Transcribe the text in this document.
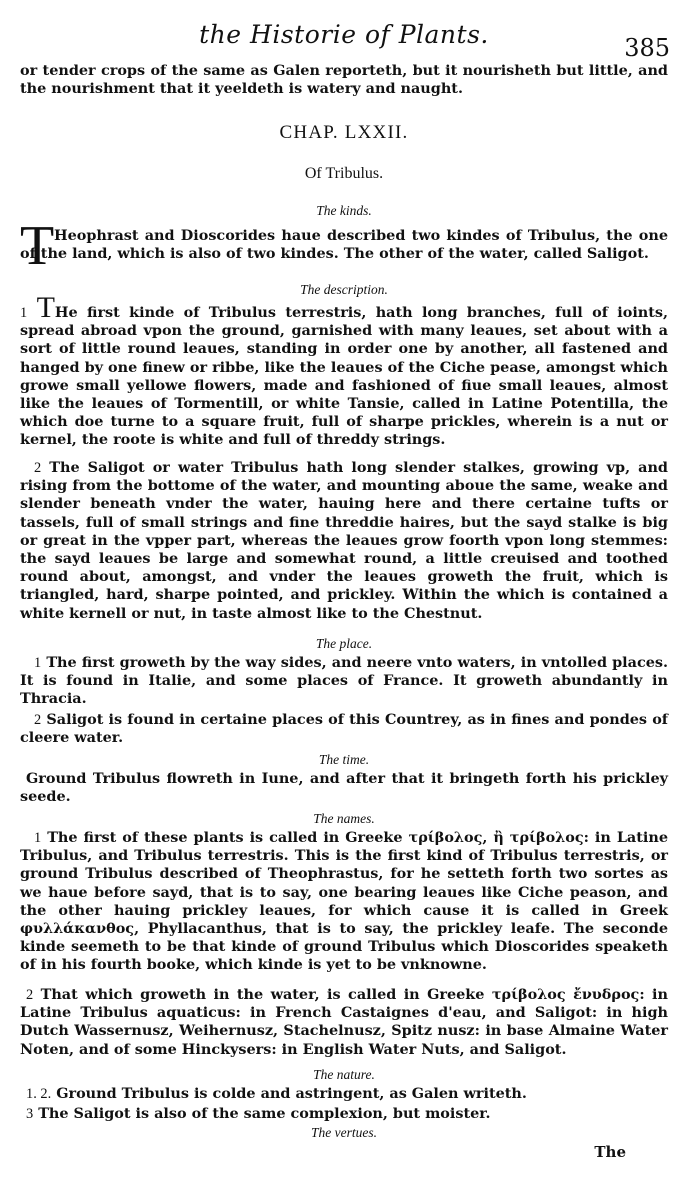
the Historie of Plants.	385
or tender crops of the same as Galen reporteth, but it nourisheth but little, and the nourishment that it yeeldeth is watery and naught.
CHAP. LXXII.
Of Tribulus.
The kinds.
T Heophrast and Dioscorides haue described two kindes of Tribulus, the one of the land, which is also of two kindes. The other of the water, called Saligot.
The description.
1 THe first kinde of Tribulus terrestris, hath long branches, full of ioints, spread abroad vpon the ground, garnished with many leaues, set about with a sort of little round leaues, standing in order one by another, all fastened and hanged by one finew or ribbe, like the leaues of the Ciche pease, amongst which growe small yellowe flowers, made and fashioned of fiue small leaues, almost like the leaues of Tormentill, or white Tansie, called in Latine Potentilla, the which doe turne to a square fruit, full of sharpe prickles, wherein is a nut or kernel, the roote is white and full of threddy strings.
2 The Saligot or water Tribulus hath long slender stalkes, growing vp, and rising from the bottome of the water, and mounting aboue the same, weake and slender beneath vnder the water, hauing here and there certaine tufts or tassels, full of small strings and fine threddie haires, but the sayd stalke is big or great in the vpper part, whereas the leaues grow foorth vpon long stemmes: the sayd leaues be large and somewhat round, a little creuised and toothed round about, amongst, and vnder the leaues groweth the fruit, which is triangled, hard, sharpe pointed, and prickley. Within the which is contained a white kernell or nut, in taste almost like to the Chestnut.
The place.
1 The first groweth by the way sides, and neere vnto waters, in vntolled places. It is found in Italie, and some places of France. It groweth abundantly in Thracia.
2 Saligot is found in certaine places of this Countrey, as in fines and pondes of cleere water.
The time.
Ground Tribulus flowreth in Iune, and after that it bringeth forth his prickley seede.
The names.
1 The first of these plants is called in Greeke τρίβολος, ἢ τρίβολος: in Latine Tribulus, and Tribulus terrestris. This is the first kind of Tribulus terrestris, or ground Tribulus described of Theophrastus, for he setteth forth two sortes as we haue before sayd, that is to say, one bearing leaues like Ciche peason, and the other hauing prickley leaues, for which cause it is called in Greek φυλλάκανθος, Phyllacanthus, that is to say, the prickley leafe. The seconde kinde seemeth to be that kinde of ground Tribulus which Dioscorides speaketh of in his fourth booke, which kinde is yet to be vnknowne.
2 That which groweth in the water, is called in Greeke τρίβολος ἔνυδρος: in Latine Tribulus aquaticus: in French Castaignes d'eau, and Saligot: in high Dutch Wassernusz, Weihernusz, Stachelnusz, Spitz nusz: in base Almaine Water Noten, and of some Hinckysers: in English Water Nuts, and Saligot.
The nature.
1. 2. Ground Tribulus is colde and astringent, as Galen writeth.
3 The Saligot is also of the same complexion, but moister.
The vertues.
The
